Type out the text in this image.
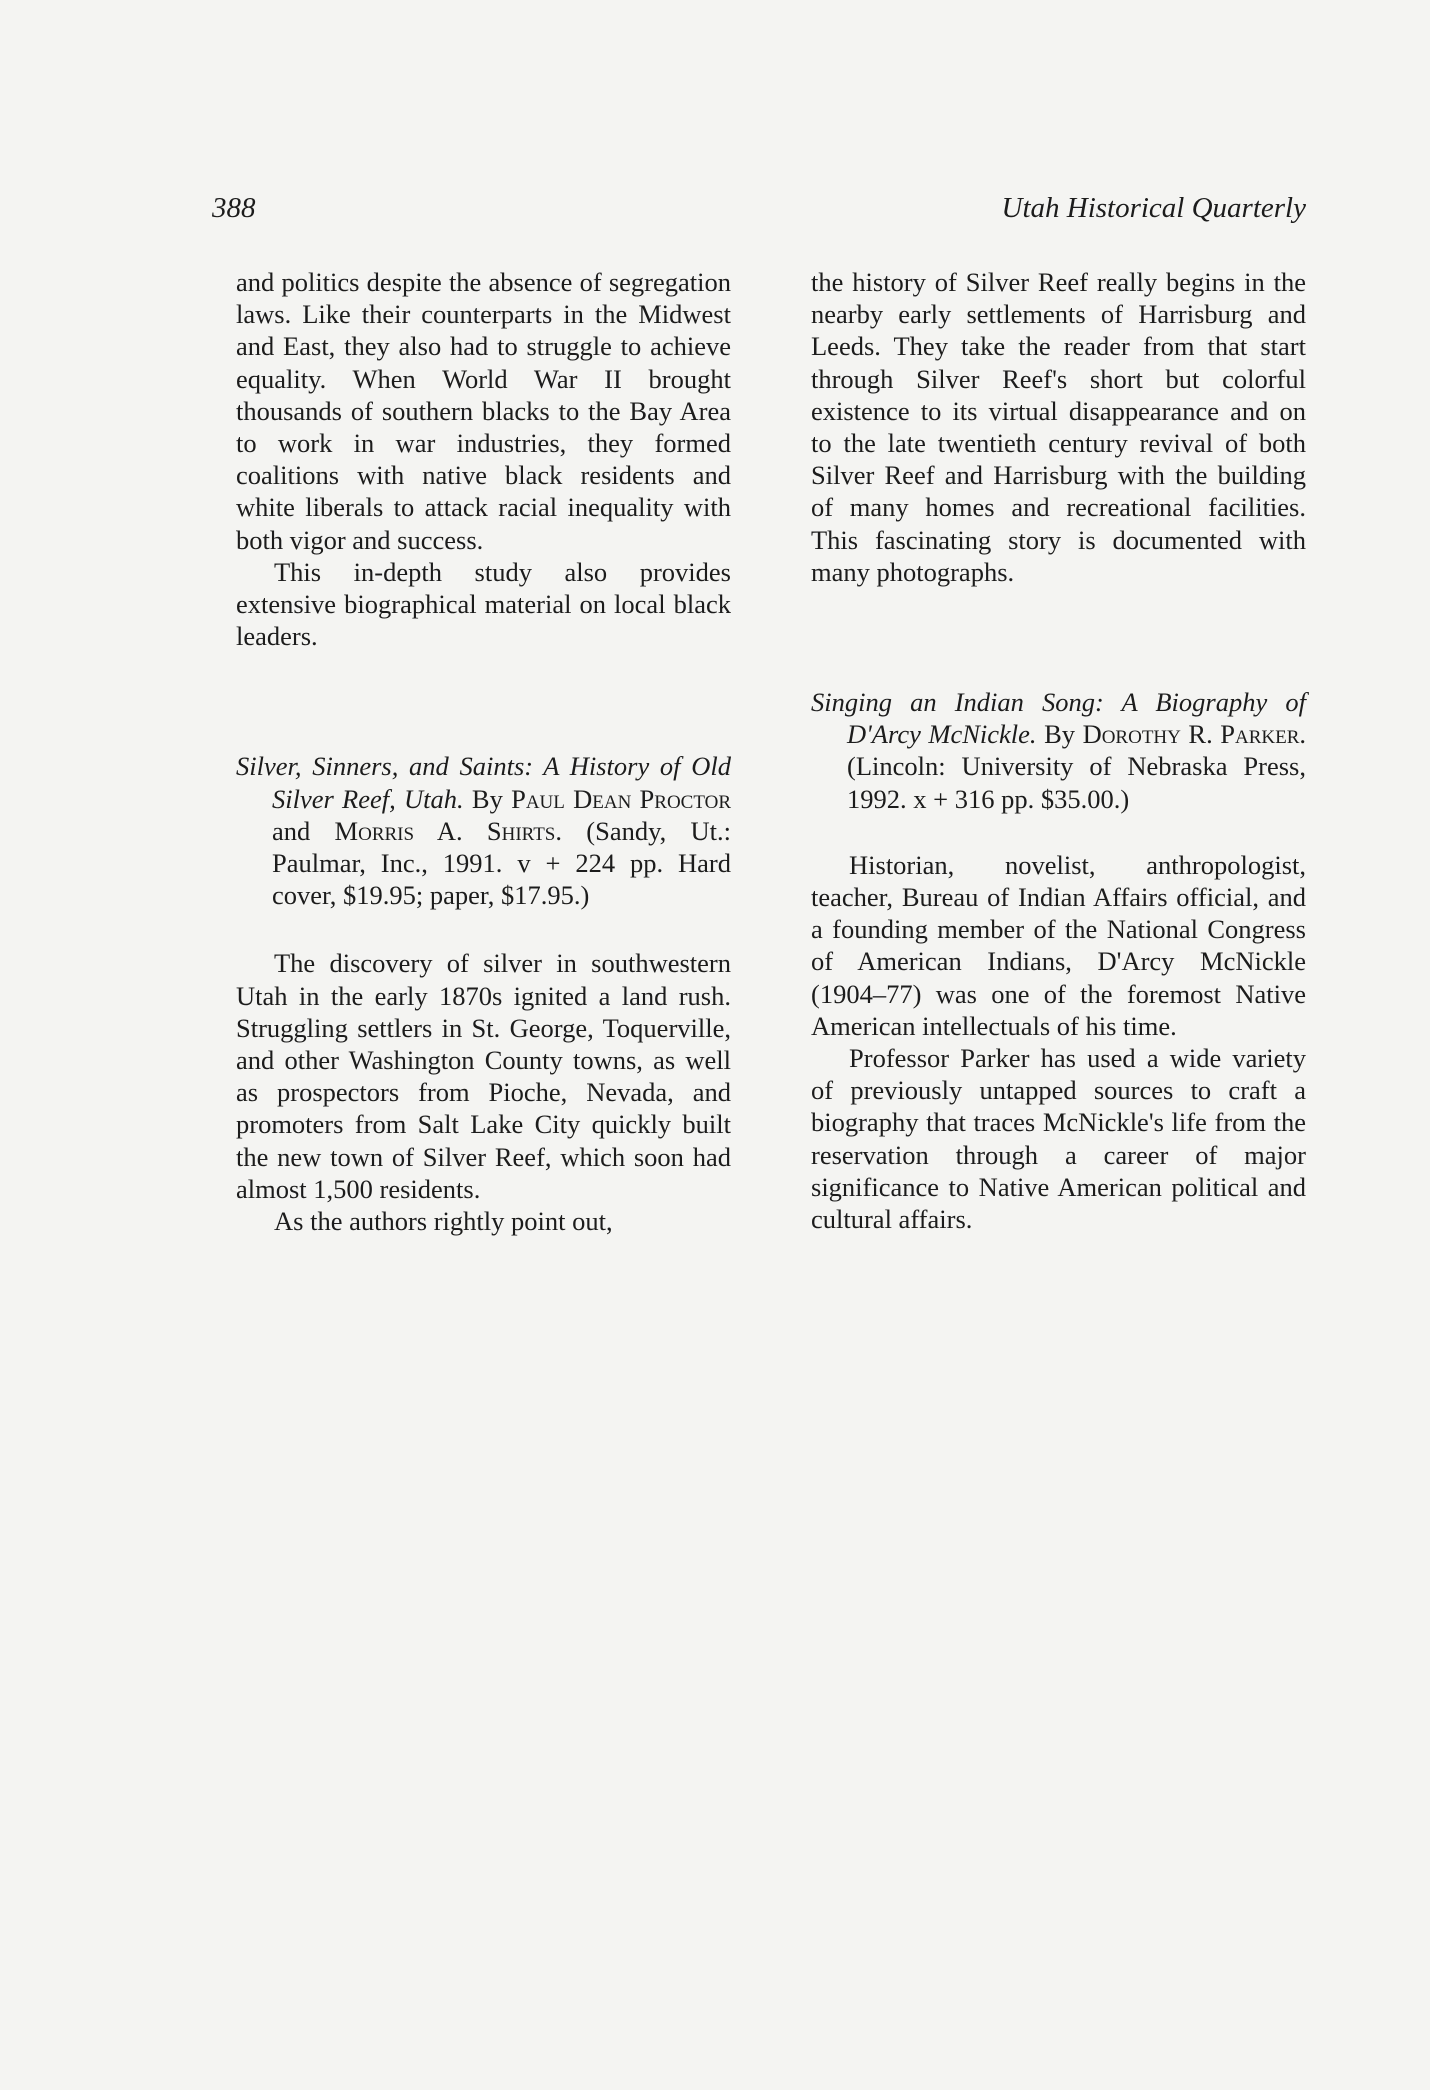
388	Utah Historical Quarterly

and politics despite the absence of segregation laws. Like their counterparts in the Midwest and East, they also had to struggle to achieve equality. When World War II brought thousands of southern blacks to the Bay Area to work in war industries, they formed coalitions with native black residents and white liberals to attack racial inequality with both vigor and success.

This in-depth study also provides extensive biographical material on local black leaders.

Silver, Sinners, and Saints: A History of Old Silver Reef, Utah. By Paul Dean Proctor and Morris A. Shirts. (Sandy, Ut.: Paulmar, Inc., 1991. v + 224 pp. Hard cover, $19.95; paper, $17.95.)

The discovery of silver in southwestern Utah in the early 1870s ignited a land rush. Struggling settlers in St. George, Toquerville, and other Washington County towns, as well as prospectors from Pioche, Nevada, and promoters from Salt Lake City quickly built the new town of Silver Reef, which soon had almost 1,500 residents.

As the authors rightly point out,

the history of Silver Reef really begins in the nearby early settlements of Harrisburg and Leeds. They take the reader from that start through Silver Reef's short but colorful existence to its virtual disappearance and on to the late twentieth century revival of both Silver Reef and Harrisburg with the building of many homes and recreational facilities. This fascinating story is documented with many photographs.

Singing an Indian Song: A Biography of D'Arcy McNickle. By Dorothy R. Parker. (Lincoln: University of Nebraska Press, 1992. x + 316 pp. $35.00.)

Historian, novelist, anthropologist, teacher, Bureau of Indian Affairs official, and a founding member of the National Congress of American Indians, D'Arcy McNickle (1904–77) was one of the foremost Native American intellectuals of his time.

Professor Parker has used a wide variety of previously untapped sources to craft a biography that traces McNickle's life from the reservation through a career of major significance to Native American political and cultural affairs.
